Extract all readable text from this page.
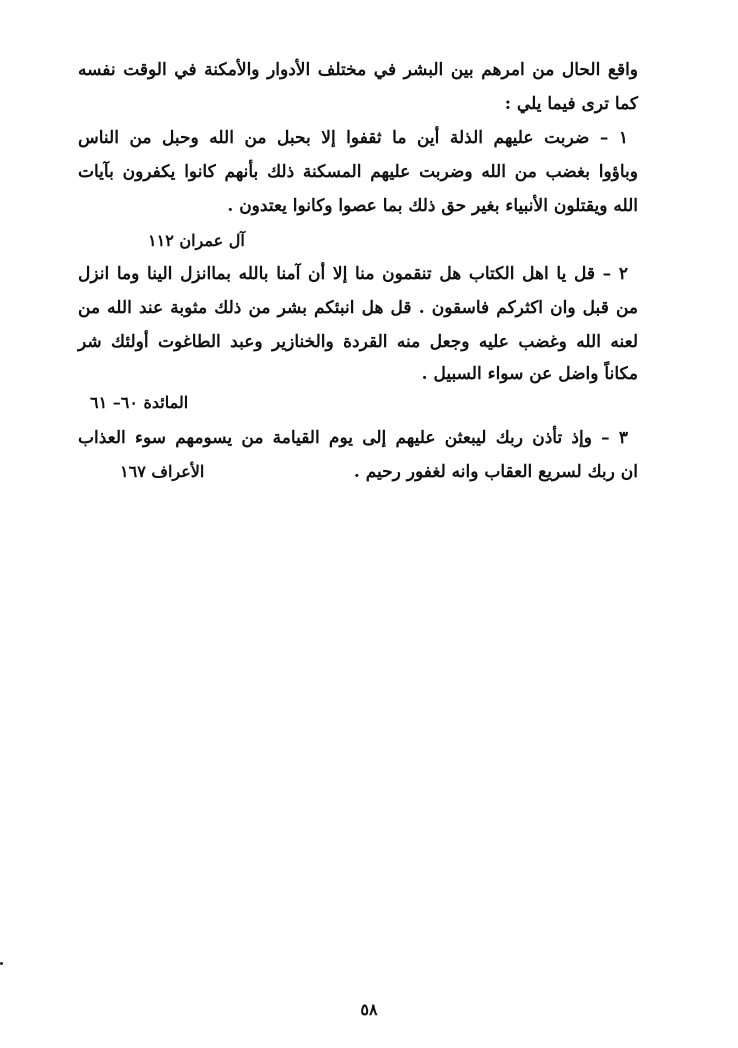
واقع الحال من امرهم بين البشر في مختلف الأدوار والأمكنة في الوقت نفسه
كما ترى فيما يلي :
١ – ضربت عليهم الذلة أين ما ثقفوا إلا بحبل من الله وحبل من الناس
وباؤوا بغضب من الله وضربت عليهم المسكنة ذلك بأنهم كانوا يكفرون بآيات
الله ويقتلون الأنبياء بغير حق ذلك بما عصوا وكانوا يعتدون .
آل عمران ١١٢
٢ – قل يا اهل الكتاب هل تنقمون منا إلا أن آمنا بالله بماانزل الينا وما انزل
من قبل وان اكثركم فاسقون . قل هل انبئكم بشر من ذلك مثوبة عند الله من
لعنه الله وغضب عليه وجعل منه القردة والخنازير وعبد الطاغوت أولئك شر
مكاناً واضل عن سواء السبيل .
المائدة ٦٠– ٦١
٣ – وإذ تأذن ربك ليبعثن عليهم إلى يوم القيامة من يسومهم سوء العذاب
ان ربك لسريع العقاب وانه لغفور رحيم .
الأعراف ١٦٧
٥٨
